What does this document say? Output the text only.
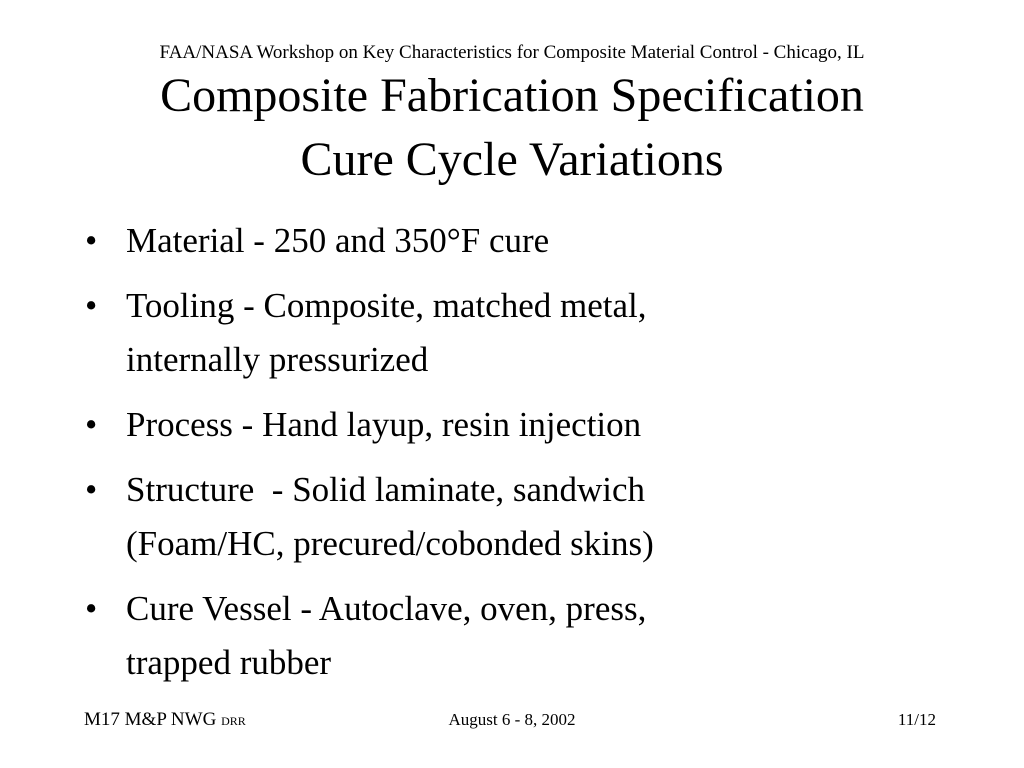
FAA/NASA Workshop on Key Characteristics for Composite Material Control - Chicago, IL
Composite Fabrication Specification
Cure Cycle Variations
• Material - 250 and 350°F cure
• Tooling - Composite, matched metal,
internally pressurized
• Process - Hand layup, resin injection
• Structure  - Solid laminate, sandwich
(Foam/HC, precured/cobonded skins)
• Cure Vessel - Autoclave, oven, press,
trapped rubber
M17 M&P NWG DRR	August 6 - 8, 2002	11/12
